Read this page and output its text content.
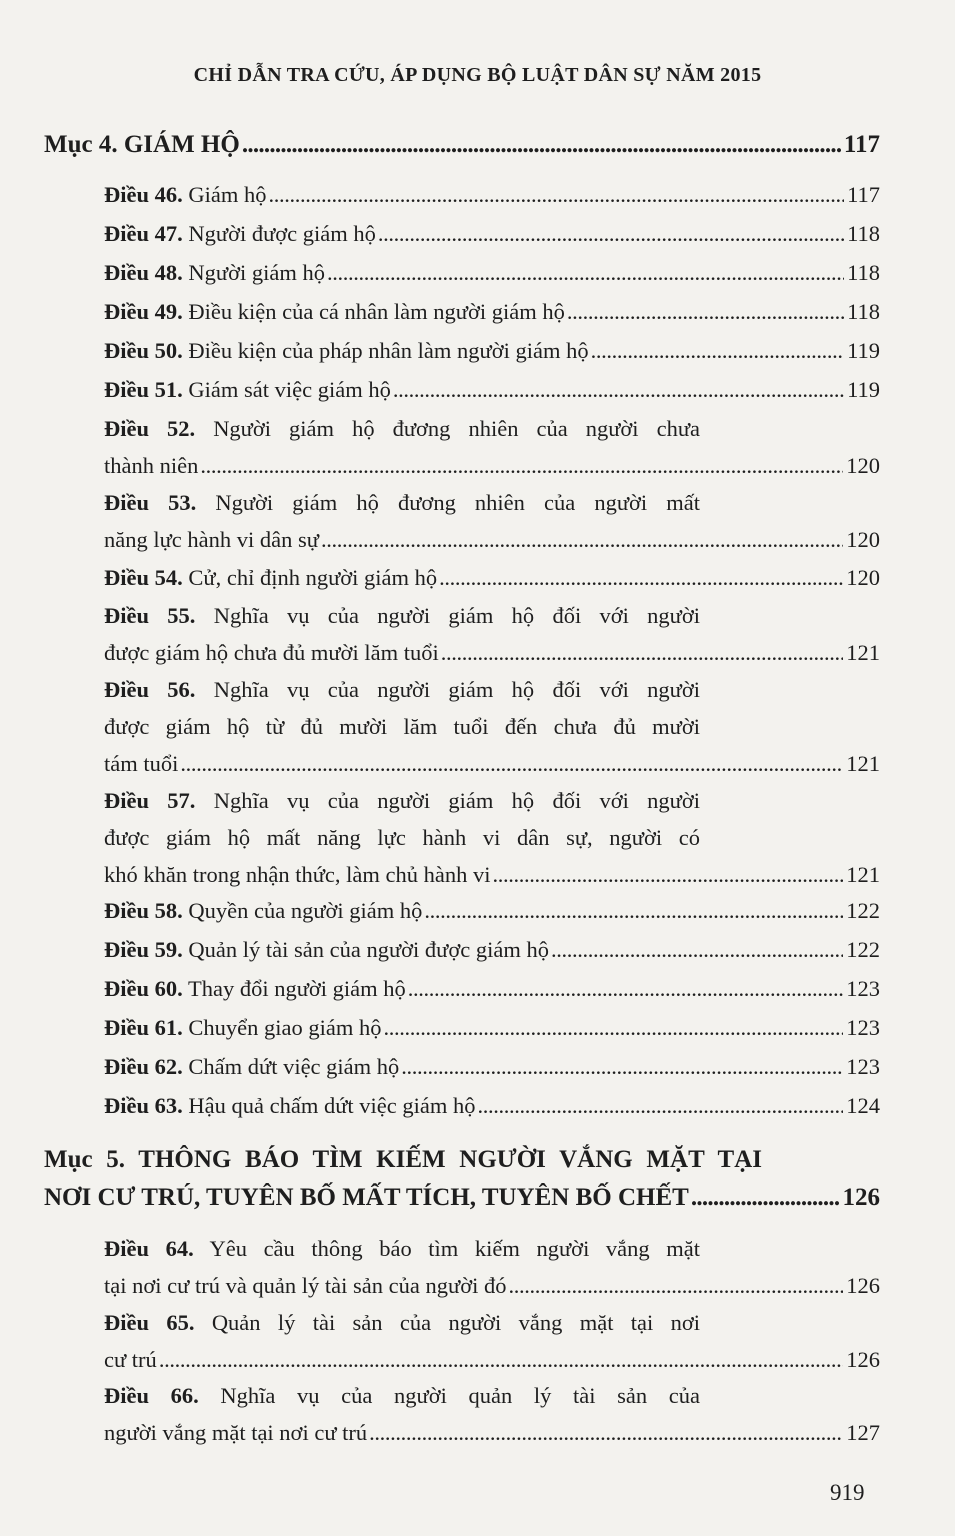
CHỈ DẪN TRA CỨU, ÁP DỤNG BỘ LUẬT DÂN SỰ NĂM 2015
Mục 4. GIÁM HỘ . . .	117
Điều 46. Giám hộ . . .	117
Điều 47. Người được giám hộ . . .	118
Điều 48. Người giám hộ . . .	118
Điều 49. Điều kiện của cá nhân làm người giám hộ . . .	118
Điều 50. Điều kiện của pháp nhân làm người giám hộ . . .	119
Điều 51. Giám sát việc giám hộ . . .	119
Điều 52. Người giám hộ đương nhiên của người chưa
thành niên . . .	120
Điều 53. Người giám hộ đương nhiên của người mất
năng lực hành vi dân sự . . .	120
Điều 54. Cử, chỉ định người giám hộ . . .	120
Điều 55. Nghĩa vụ của người giám hộ đối với người
được giám hộ chưa đủ mười lăm tuổi . . .	121
Điều 56. Nghĩa vụ của người giám hộ đối với người
được giám hộ từ đủ mười lăm tuổi đến chưa đủ mười
tám tuổi . . .	121
Điều 57. Nghĩa vụ của người giám hộ đối với người
được giám hộ mất năng lực hành vi dân sự, người có
khó khăn trong nhận thức, làm chủ hành vi . . .	121
Điều 58. Quyền của người giám hộ . . .	122
Điều 59. Quản lý tài sản của người được giám hộ . . .	122
Điều 60. Thay đổi người giám hộ . . .	123
Điều 61. Chuyển giao giám hộ . . .	123
Điều 62. Chấm dứt việc giám hộ . . .	123
Điều 63. Hậu quả chấm dứt việc giám hộ . . .	124
Mục 5. THÔNG BÁO TÌM KIẾM NGƯỜI VẮNG MẶT TẠI
NƠI CƯ TRÚ, TUYÊN BỐ MẤT TÍCH, TUYÊN BỐ CHẾT . . .	126
Điều 64. Yêu cầu thông báo tìm kiếm người vắng mặt
tại nơi cư trú và quản lý tài sản của người đó . . .	126
Điều 65. Quản lý tài sản của người vắng mặt tại nơi
cư trú . . .	126
Điều 66. Nghĩa vụ của người quản lý tài sản của
người vắng mặt tại nơi cư trú . . .	127
919
